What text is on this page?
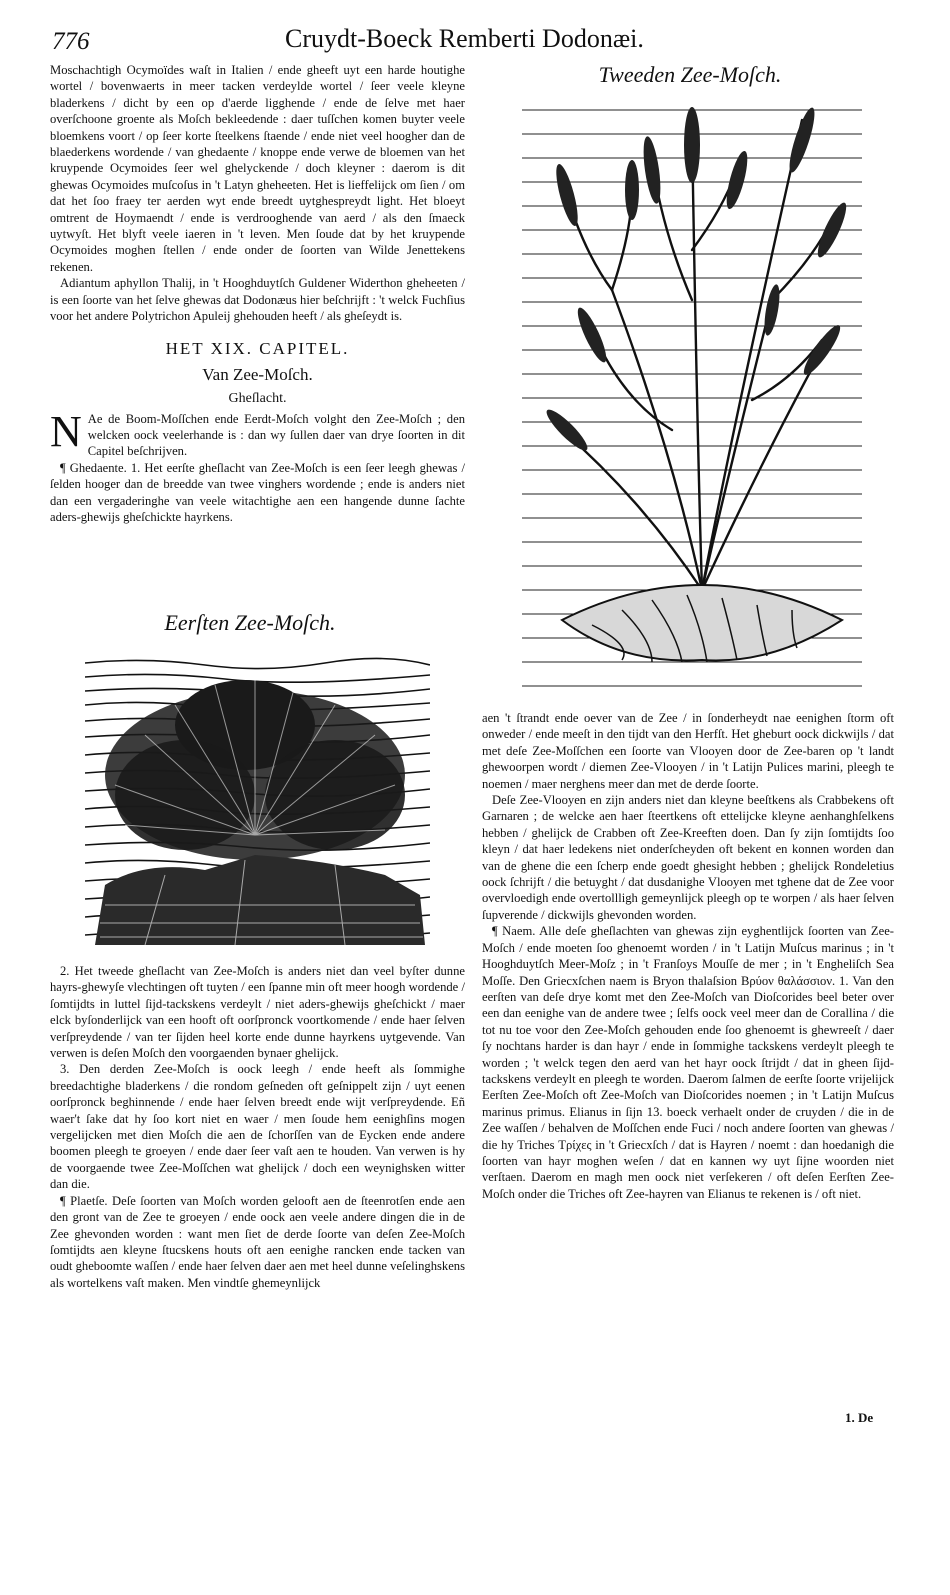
776	Cruydt-Boeck Remberti Dodonæi.

Moschachtigh Ocymoïdes waſt in Italien / ende gheeft uyt een harde houtighe wortel / bovenwaerts in meer tacken verdeylde wortel / ſeer veele kleyne bladerkens / dicht by een op d'aerde ligghende / ende de ſelve met haer overſchoone groente als Moſch bekleedende : daer tuſſchen komen buyter veele bloemkens voort / op ſeer korte ſteelkens ſtaende / ende niet veel hoogher dan de blaederkens wordende / van ghedaente / knoppe ende verwe de bloemen van het kruypende Ocymoides ſeer wel ghelyckende / doch kleyner : daerom is dit ghewas Ocymoides muſcoſus in 't Latyn gheheeten. Het is lieffelijck om ſien / om dat het ſoo fraey ter aerden wyt ende breedt uytghespreydt light. Het bloeyt omtrent de Hoymaendt / ende is verdrooghende van aerd / als den ſmaeck uytwyſt. Het blyft veele iaeren in 't leven. Men ſoude dat by het kruypende Ocymoides moghen ſtellen / ende onder de ſoorten van Wilde Jenettekens rekenen.

Adiantum aphyllon Thalij, in 't Hooghduytſch Guldener Widerthon gheheeten / is een ſoorte van het ſelve ghewas dat Dodonæus hier beſchrijft : 't welck Fuchſius voor het andere Polytrichon Apuleij ghehouden heeft / als gheſeydt is.

HET XIX. CAPITEL.
Van Zee-Moſch.
Gheſlacht.
N Ae de Boom-Moſſchen ende Eerdt-Moſch volght den Zee-Moſch ; den welcken oock veelerhande is : dan wy ſullen daer van drye ſoorten in dit Capitel beſchrijven.

¶ Ghedaente. 1. Het eerſte gheſlacht van Zee-Moſch is een ſeer leegh ghewas / ſelden hooger dan de breedde van twee vinghers wordende ; ende is anders niet dan een vergaderinghe van veele witachtighe aen een hangende dunne ſachte aders-ghewijs gheſchickte hayrkens.

Eerſten Zee-Moſch.

2. Het tweede gheſlacht van Zee-Moſch is anders niet dan veel byſter dunne hayrs-ghewyſe vlechtingen oft tuyten / een ſpanne min oft meer hoogh wordende / ſomtijdts in luttel ſijd-tackskens verdeylt / niet aders-ghewijs gheſchickt / maer elck byſonderlijck van een hooft oft oorſpronck voortkomende / ende haer ſelven verſpreydende / van ter ſijden heel korte ende dunne hayrkens uytgevende. Van verwen is deſen Moſch den voorgaenden bynaer ghelijck.

3. Den derden Zee-Moſch is oock leegh / ende heeft als ſommighe breedachtighe bladerkens / die rondom geſneden oft geſnippelt zijn / uyt eenen oorſpronck beghinnende / ende haer ſelven breedt ende wijt verſpreydende. Eñ waer't ſake dat hy ſoo kort niet en waer / men ſoude hem eenighſins mogen vergelijcken met dien Moſch die aen de ſchorſſen van de Eycken ende andere boomen pleegh te groeyen / ende daer ſeer vaſt aen te houden. Van verwen is hy de voorgaende twee Zee-Moſſchen wat ghelijck / doch een weynighsken witter dan die.

¶ Plaetſe. Deſe ſoorten van Moſch worden gelooft aen de ſteenrotſen ende aen den gront van de Zee te groeyen / ende oock aen veele andere dingen die in de Zee ghevonden worden : want men ſiet de derde ſoorte van deſen Zee-Moſch ſomtijdts aen kleyne ſtucskens houts oft aen eenighe rancken ende tacken van oudt gheboomte waſſen / ende haer ſelven daer aen met heel dunne veſelinghskens als wortelkens vaſt maken. Men vindtſe ghemeynlijck

Tweeden Zee-Moſch.

aen 't ſtrandt ende oever van de Zee / in ſonderheydt nae eenighen ſtorm oft onweder / ende meeſt in den tijdt van den Herfſt. Het gheburt oock dickwijls / dat met deſe Zee-Moſſchen een ſoorte van Vlooyen door de Zee-baren op 't landt ghewoorpen wordt / diemen Zee-Vlooyen / in 't Latijn Pulices marini, pleegh te noemen / maer nerghens meer dan met de derde ſoorte.

Deſe Zee-Vlooyen en zijn anders niet dan kleyne beeſtkens als Crabbekens oft Garnaren ; de welcke aen haer ſteertkens oft ettelijcke kleyne aenhanghſelkens hebben / ghelijck de Crabben oft Zee-Kreeften doen. Dan ſy zijn ſomtijdts ſoo kleyn / dat haer ledekens niet onderſcheyden oft bekent en konnen worden dan van de ghene die een ſcherp ende goedt ghesight hebben ; ghelijck Rondeletius oock ſchrijft / die betuyght / dat dusdanighe Vlooyen met tghene dat de Zee voor overvloedigh ende overtollligh gemeynlijck pleegh op te worpen / als haer ſelven ſupverende / dickwijls ghevonden worden.

¶ Naem. Alle deſe gheſlachten van ghewas zijn eyghentlijck ſoorten van Zee-Moſch / ende moeten ſoo ghenoemt worden / in 't Latijn Muſcus marinus ; in 't Hooghduytſch Meer-Moſz ; in 't Franſoys Mouſſe de mer ; in 't Engheliſch Sea Moſſe. Den Griecxſchen naem is Bryon thalaſsion Βρύον θαλάσσιον. 1. Van den eerſten van deſe drye komt met den Zee-Moſch van Dioſcorides beel beter over een dan eenighe van de andere twee ; ſelfs oock veel meer dan de Corallina / die tot nu toe voor den Zee-Moſch gehouden ende ſoo ghenoemt is ghewreeſt / daer ſy nochtans harder is dan hayr / ende in ſommighe tackskens verdeylt pleegh te worden ; 't welck tegen den aerd van het hayr oock ſtrijdt / dat in gheen ſijd-tackskens verdeylt en pleegh te worden. Daerom ſalmen de eerſte ſoorte vrijelijck Eerſten Zee-Moſch oft Zee-Moſch van Dioſcorides noemen ; in 't Latijn Muſcus marinus primus. Elianus in ſijn 13. boeck verhaelt onder de cruyden / die in de Zee waſſen / behalven de Moſſchen ende Fuci / noch andere ſoorten van ghewas / die hy Triches Τρίχες in 't Griecxſch / dat is Hayren / noemt : dan hoedanigh die ſoorten van hayr moghen weſen / dat en kannen wy uyt ſijne woorden niet verſtaen. Daerom en magh men oock niet verſekeren / oft deſen Eerſten Zee-Moſch onder die Triches oft Zee-hayren van Elianus te rekenen is / oft niet.

1. De
